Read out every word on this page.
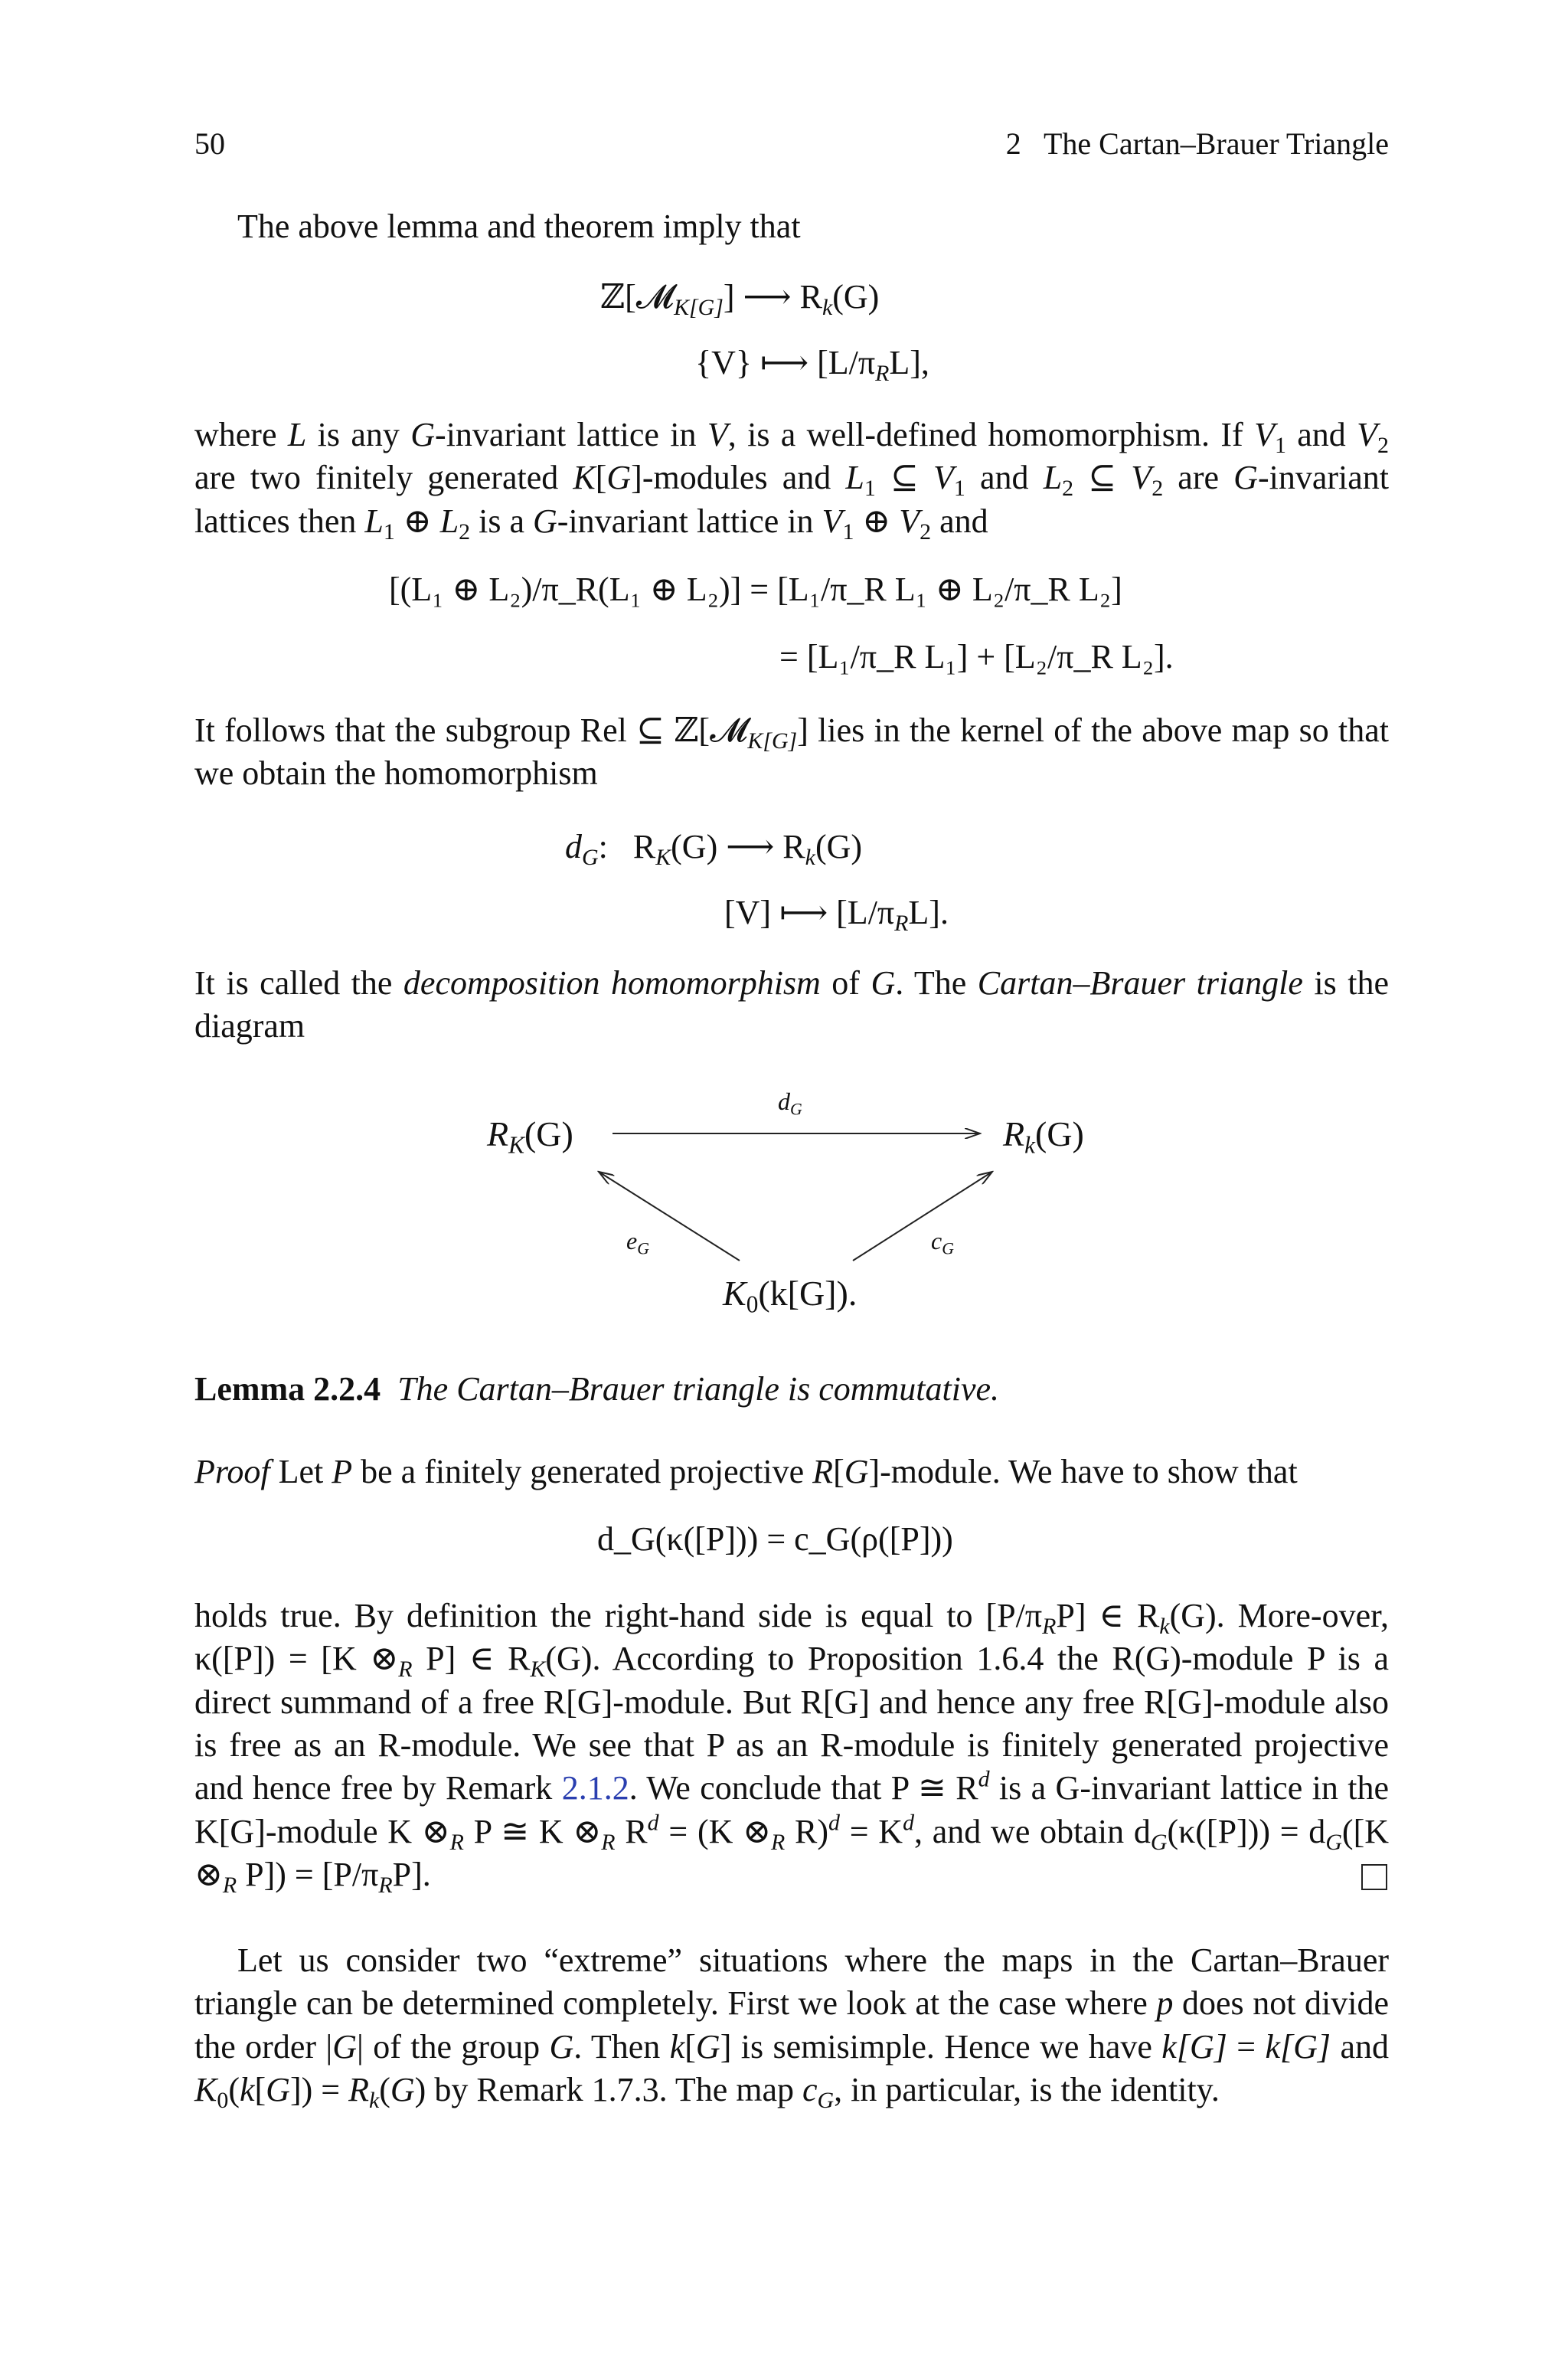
50	2   The Cartan–Brauer Triangle
The above lemma and theorem imply that
ℤ[𝓜$_{K[G]}$] ⟶ $R_k(G)$
{V} ⟼ $[L/\pi_RL]$,
where L is any G-invariant lattice in V, is a well-defined homomorphism. If $V_1$ and $V_2$ are two finitely generated K[G]-modules and $L_1$ ⊆ $V_1$ and $L_2$ ⊆ $V_2$ are G-invariant lattices then $L_1$ ⊕ $L_2$ is a G-invariant lattice in $V_1$ ⊕ $V_2$ and
[(L₁ ⊕ L₂)/π_R(L₁ ⊕ L₂)] = [L₁/π_R L₁ ⊕ L₂/π_R L₂]
= [L₁/π_R L₁] + [L₂/π_R L₂].
It follows that the subgroup Rel ⊆ ℤ[𝓜$_{K[G]}$] lies in the kernel of the above map so that we obtain the homomorphism
$d_G$:   $R_K(G)$ ⟶ $R_k(G)$
[V] ⟼ $[L/\pi_RL]$.
It is called the decomposition homomorphism of G. The Cartan–Brauer triangle is the diagram
$R_K(G)$	$R_k(G)$
$K_0(k[G])$.
$d_G$
$e_G$	$c_G$
Lemma 2.2.4 The Cartan–Brauer triangle is commutative.
Proof Let P be a finitely generated projective R[G]-module. We have to show that
d_G(κ([P])) = c_G(ρ([P]))
holds true. By definition the right-hand side is equal to $[P/\pi_RP]$ ∈ $R_k(G)$. More-over, κ([P]) = [K $\otimes_R$ P] ∈ $R_K(G)$. According to Proposition 1.6.4 the R(G)-module P is a direct summand of a free R[G]-module. But R[G] and hence any free R[G]-module also is free as an R-module. We see that P as an R-module is finitely generated projective and hence free by Remark 2.1.2. We conclude that P ≅ $R^d$ is a G-invariant lattice in the K[G]-module K $\otimes_R$ P ≅ K $\otimes_R$ $R^d = (K$ $\otimes_R$ $R)^d = K^d$, and we obtain $d_G(\kappa([P])) = d_G([K$ $\otimes_R$ $P]) = [P/\pi_RP]$.
Let us consider two “extreme” situations where the maps in the Cartan–Brauer triangle can be determined completely. First we look at the case where p does not divide the order |G| of the group G. Then k[G] is semisimple. Hence we have k[G] = k[G] and $K_0(k[G]) = R_k(G)$ by Remark 1.7.3. The map $c_G$, in particular, is the identity.
